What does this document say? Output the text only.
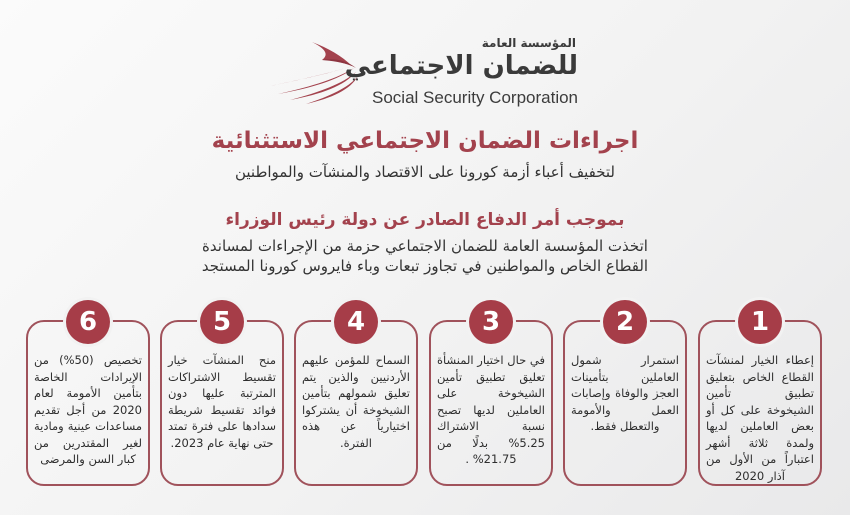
المؤسسة العامة
للضمان الاجتماعي
Social Security Corporation
اجراءات الضمان الاجتماعي الاستثنائية
لتخفيف أعباء أزمة كورونا على الاقتصاد والمنشآت والمواطنين
بموجب أمر الدفاع الصادر عن دولة رئيس الوزراء
اتخذت المؤسسة العامة للضمان الاجتماعي حزمة من الإجراءات لمساندة
القطاع الخاص والمواطنين في تجاوز تبعات وباء فايروس كورونا المستجد
1
إعطاء الخيار لمنشآت القطاع الخاص بتعليق تطبيق تأمين الشيخوخة على كل أو بعض العاملين لديها ولمدة ثلاثة أشهر اعتباراً من الأول من آذار 2020
2
استمرار شمول العاملين بتأمينات العجز والوفاة وإصابات العمل والأمومة والتعطل فقط.
3
في حال اختيار المنشأة تعليق تطبيق تأمين الشيخوخة على العاملين لديها تصبح نسبة الاشتراك 5.25% بدلًا من 21.75% .
4
السماح للمؤمن عليهم الأردنيين والذين يتم تعليق شمولهم بتأمين الشيخوخة أن يشتركوا اختيارياً عن هذه الفترة.
5
منح المنشآت خيار تقسيط الاشتراكات المترتبة عليها دون فوائد تقسيط شريطة سدادها على فترة تمتد حتى نهاية عام 2023.
6
تخصيص (50%) من الإيرادات الخاصة بتأمين الأمومة لعام 2020 من أجل تقديم مساعدات عينية ومادية لغير المقتدرين من كبار السن والمرضى
